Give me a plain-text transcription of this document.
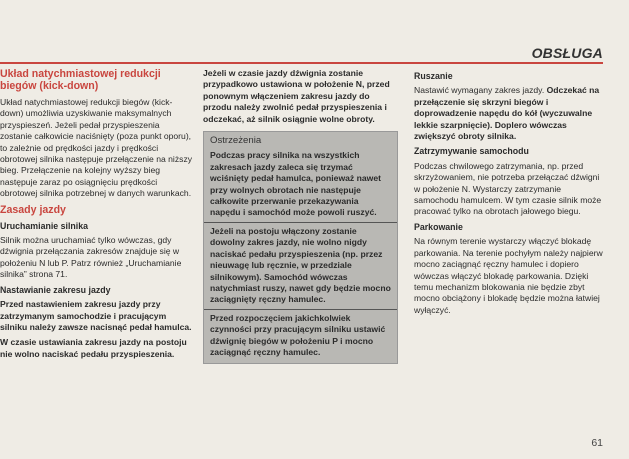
OBSŁUGA
Układ natychmiastowej redukcji biegów (kick-down)

Układ natychmiastowej redukcji biegów (kick-down) umożliwia uzyskiwanie maksymalnych przyspieszeń. Jeżeli pedał przyspieszenia zostanie całkowicie naciśnięty (poza punkt oporu), to zależnie od prędkości jazdy i prędkości obrotowej silnika następuje przełączenie na niższy bieg. Przełączenie na kolejny wyższy bieg następuje zaraz po osiągnięciu prędkości obrotowej silnika potrzebnej w danych warunkach.

Zasady jazdy
Uruchamianie silnika

Silnik można uruchamiać tylko wówczas, gdy dźwignia przełączania zakresów znajduje się w położeniu N lub P. Patrz również „Uruchamianie silnika” strona 71.

Nastawianie zakresu jazdy

Przed nastawieniem zakresu jazdy przy zatrzymanym samochodzie i pracującym silniku należy zawsze nacisnąć pedał hamulca.

W czasie ustawiania zakresu jazdy na postoju nie wolno naciskać pedału przyspieszenia.

Jeżeli w czasie jazdy dźwignia zostanie przypadkowo ustawiona w położenie N, przed ponownym włączeniem zakresu jazdy do przodu należy zwolnić pedał przyspieszenia i odczekać, aż silnik osiągnie wolne obroty.

Ostrzeżenia

Podczas pracy silnika na wszystkich zakresach jazdy zaleca się trzymać wciśnięty pedał hamulca, ponieważ nawet przy wolnych obrotach nie następuje całkowite przerwanie przekazywania napędu i samochód może powoli ruszyć.

Jeżeli na postoju włączony zostanie dowolny zakres jazdy, nie wolno nigdy naciskać pedału przyspieszenia (np. przez nieuwagę lub ręcznie, w przedziale silnikowym). Samochód wówczas natychmiast ruszy, nawet gdy będzie mocno zaciągnięty ręczny hamulec.

Przed rozpoczęciem jakichkolwiek czynności przy pracującym silniku ustawić dźwignię biegów w położeniu P i mocno zaciągnąć ręczny hamulec.

Ruszanie

Nastawić wymagany zakres jazdy. Odczekać na przełączenie się skrzyni biegów i doprowadzenie napędu do kół (wyczuwalne lekkie szarpnięcie). Doplero wówczas zwiększyć obroty silnika.

Zatrzymywanie samochodu

Podczas chwilowego zatrzymania, np. przed skrzyżowaniem, nie potrzeba przełączać dźwigni w położenie N. Wystarczy zatrzymanie samochodu hamulcem. W tym czasie silnik może pracować tylko na obrotach jałowego biegu.

Parkowanie

Na równym terenie wystarczy włączyć blokadę parkowania. Na terenie pochyłym należy najpierw mocno zaciągnąć ręczny hamulec i dopiero wówczas włączyć blokadę parkowania. Dzięki temu mechanizm blokowania nie będzie zbyt mocno obciążony i blokadę będzie można łatwiej wyłączyć.

61
